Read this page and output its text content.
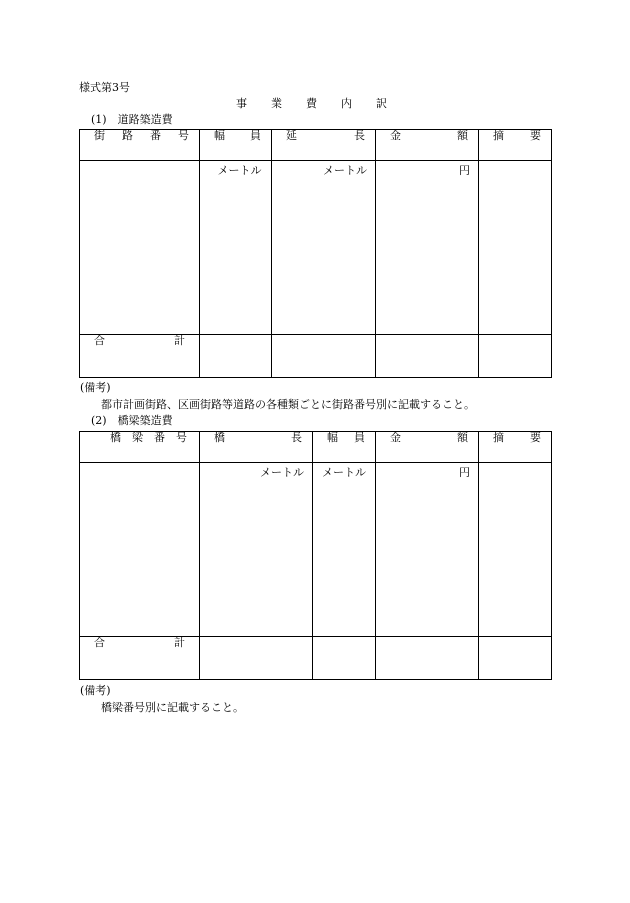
様式第3号
事業費内訳
(1)　道路築造費
街 路 番 号	幅 員	延 長	金 額	摘 要

	メートル	メートル	円	

合 計				

(備考)
都市計画街路、区画街路等道路の各種類ごとに街路番号別に記載すること。
(2)　橋梁築造費
橋 梁 番 号	橋 長	幅 員	金 額	摘 要

	メートル	メートル	円	

合 計				

(備考)
橋梁番号別に記載すること。
